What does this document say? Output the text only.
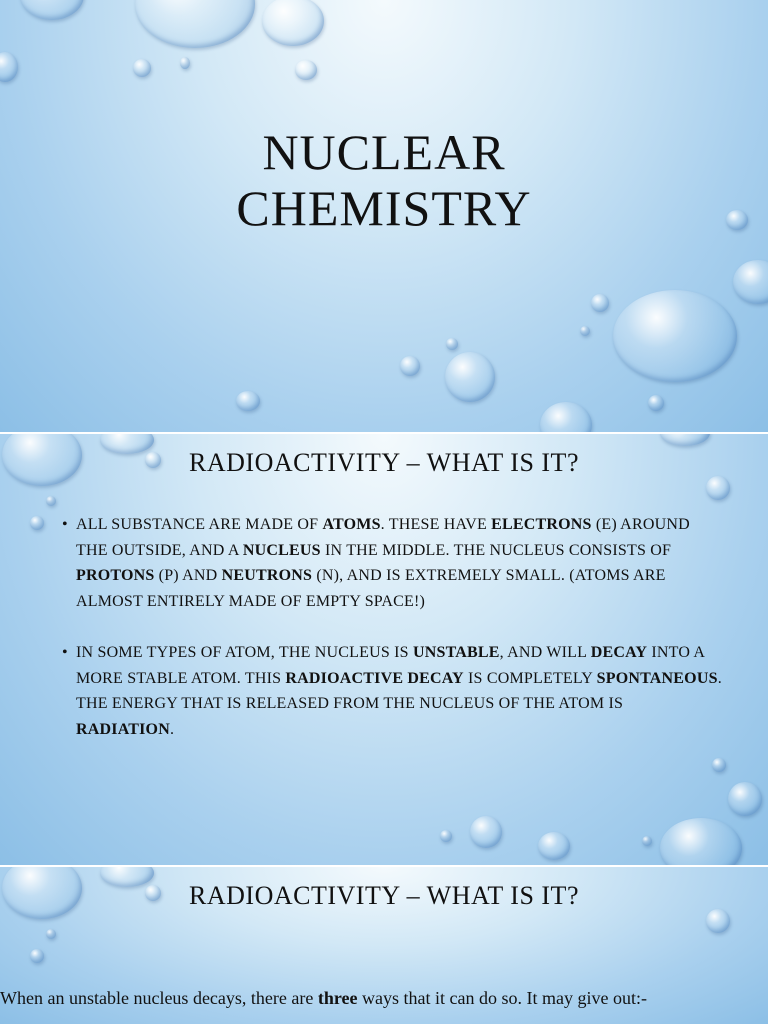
NUCLEAR
CHEMISTRY
RADIOACTIVITY – WHAT IS IT?
• ALL SUBSTANCE ARE MADE OF ATOMS. THESE HAVE ELECTRONS (E) AROUND THE OUTSIDE, AND A NUCLEUS IN THE MIDDLE. THE NUCLEUS CONSISTS OF PROTONS (P) AND NEUTRONS (N), AND IS EXTREMELY SMALL. (ATOMS ARE ALMOST ENTIRELY MADE OF EMPTY SPACE!)
• IN SOME TYPES OF ATOM, THE NUCLEUS IS UNSTABLE, AND WILL DECAY INTO A MORE STABLE ATOM. THIS RADIOACTIVE DECAY IS COMPLETELY SPONTANEOUS. THE ENERGY THAT IS RELEASED FROM THE NUCLEUS OF THE ATOM IS RADIATION.
RADIOACTIVITY – WHAT IS IT?
When an unstable nucleus decays, there are three ways that it can do so. It may give out:-
